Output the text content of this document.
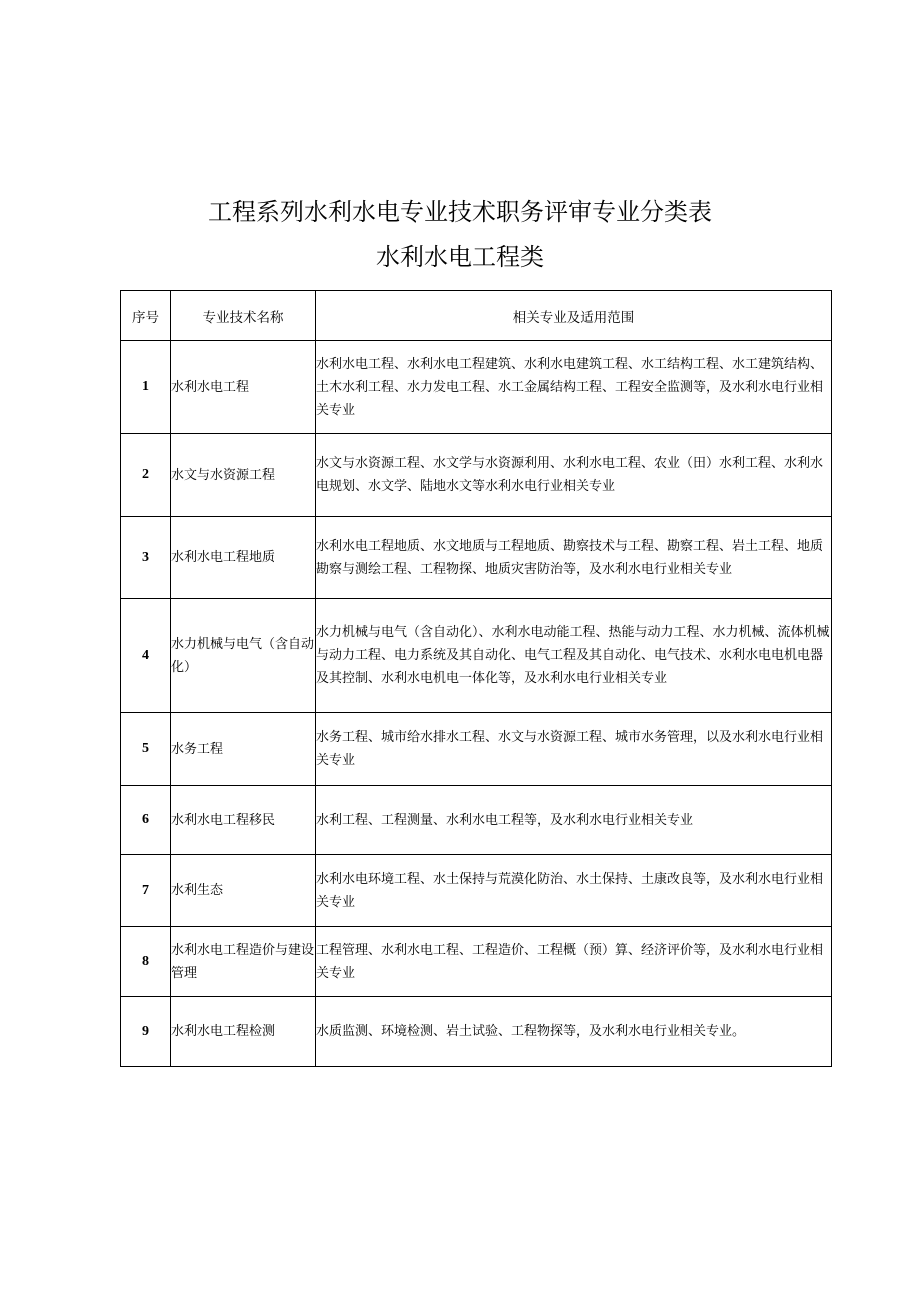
工程系列水利水电专业技术职务评审专业分类表
水利水电工程类
序号	专业技术名称	相关专业及适用范围
1	水利水电工程	水利水电工程、水利水电工程建筑、水利水电建筑工程、水工结构工程、水工建筑结构、土木水利工程、水力发电工程、水工金属结构工程、工程安全监测等，及水利水电行业相关专业
2	水文与水资源工程	水文与水资源工程、水文学与水资源利用、水利水电工程、农业（田）水利工程、水利水电规划、水文学、陆地水文等水利水电行业相关专业
3	水利水电工程地质	水利水电工程地质、水文地质与工程地质、勘察技术与工程、勘察工程、岩土工程、地质勘察与测绘工程、工程物探、地质灾害防治等，及水利水电行业相关专业
4	水力机械与电气（含自动化）	水力机械与电气（含自动化）、水利水电动能工程、热能与动力工程、水力机械、流体机械与动力工程、电力系统及其自动化、电气工程及其自动化、电气技术、水利水电电机电器及其控制、水利水电机电一体化等，及水利水电行业相关专业
5	水务工程	水务工程、城市给水排水工程、水文与水资源工程、城市水务管理，以及水利水电行业相关专业
6	水利水电工程移民	水利工程、工程测量、水利水电工程等，及水利水电行业相关专业
7	水利生态	水利水电环境工程、水土保持与荒漠化防治、水土保持、土康改良等，及水利水电行业相关专业
8	水利水电工程造价与建设管理	工程管理、水利水电工程、工程造价、工程概（预）算、经济评价等，及水利水电行业相关专业
9	水利水电工程检测	水质监测、环境检测、岩土试验、工程物探等，及水利水电行业相关专业。
